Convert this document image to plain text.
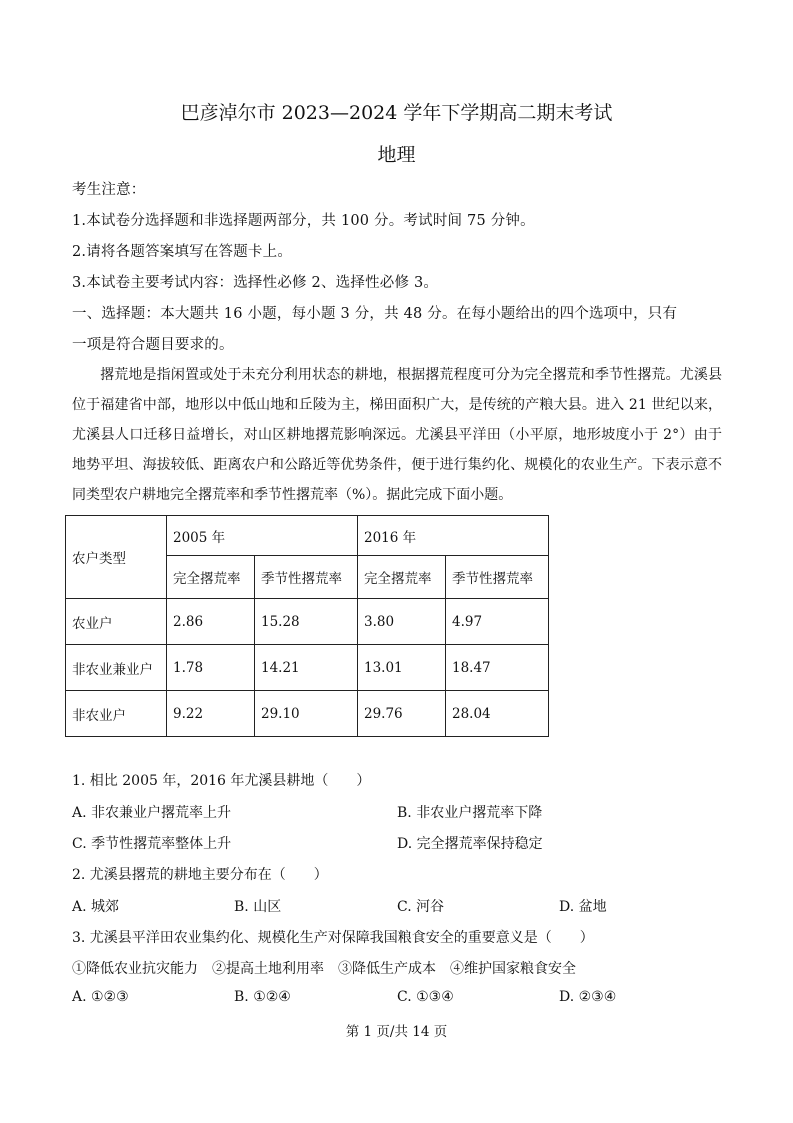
巴彦淖尔市 2023—2024 学年下学期高二期末考试
地理
考生注意：
1.本试卷分选择题和非选择题两部分，共 100 分。考试时间 75 分钟。
2.请将各题答案填写在答题卡上。
3.本试卷主要考试内容：选择性必修 2、选择性必修 3。
一、选择题：本大题共 16 小题，每小题 3 分，共 48 分。在每小题给出的四个选项中，只有
一项是符合题目要求的。
撂荒地是指闲置或处于未充分利用状态的耕地，根据撂荒程度可分为完全撂荒和季节性撂荒。尤溪县位于福建省中部，地形以中低山地和丘陵为主，梯田面积广大，是传统的产粮大县。进入 21 世纪以来，尤溪县人口迁移日益增长，对山区耕地撂荒影响深远。尤溪县平洋田（小平原，地形坡度小于 2°）由于地势平坦、海拔较低、距离农户和公路近等优势条件，便于进行集约化、规模化的农业生产。下表示意不同类型农户耕地完全撂荒率和季节性撂荒率（%）。据此完成下面小题。
农户类型	2005 年		2016 年	
	完全撂荒率	季节性撂荒率	完全撂荒率	季节性撂荒率
农业户	2.86	15.28	3.80	4.97
非农业兼业户	1.78	14.21	13.01	18.47
非农业户	9.22	29.10	29.76	28.04
1. 相比 2005 年，2016 年尤溪县耕地（　　）
A. 非农兼业户撂荒率上升	B. 非农业户撂荒率下降
C. 季节性撂荒率整体上升	D. 完全撂荒率保持稳定
2. 尤溪县撂荒的耕地主要分布在（　　）
A. 城郊	B. 山区	C. 河谷	D. 盆地
3. 尤溪县平洋田农业集约化、规模化生产对保障我国粮食安全的重要意义是（　　）
①降低农业抗灾能力　②提高土地利用率　③降低生产成本　④维护国家粮食安全
A. ①②③	B. ①②④	C. ①③④	D. ②③④
第 1 页/共 14 页
